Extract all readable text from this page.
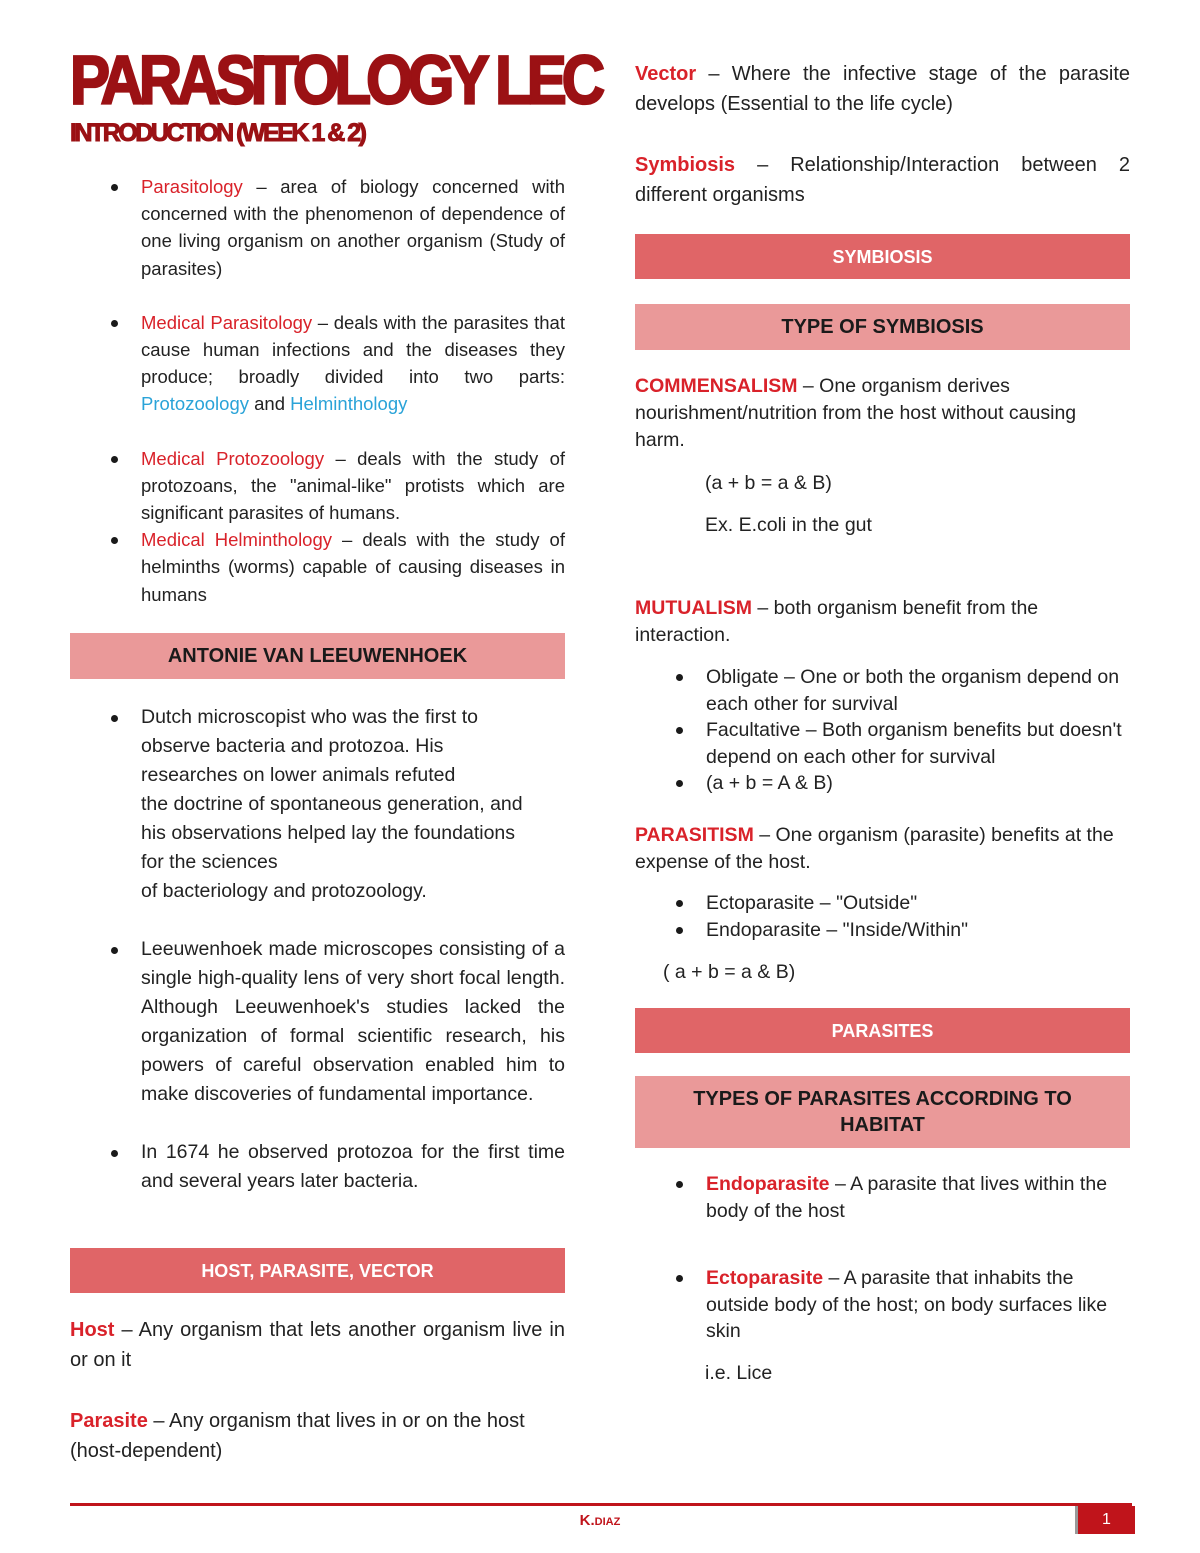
PARASITOLOGY LEC
INTRODUCTION (WEEK 1 & 2)
Parasitology – area of biology concerned with concerned with the phenomenon of dependence of one living organism on another organism (Study of parasites)
Medical Parasitology – deals with the parasites that cause human infections and the diseases they produce; broadly divided into two parts: Protozoology and Helminthology
Medical Protozoology – deals with the study of protozoans, the "animal-like" protists which are significant parasites of humans.
Medical Helminthology – deals with the study of helminths (worms) capable of causing diseases in humans
ANTONIE VAN LEEUWENHOEK
Dutch microscopist who was the first to
observe bacteria and protozoa. His
researches on lower animals refuted
the doctrine of spontaneous generation, and
his observations helped lay the foundations
for the sciences
of bacteriology and protozoology.
Leeuwenhoek made microscopes consisting of a single high-quality lens of very short focal length. Although Leeuwenhoek's studies lacked the organization of formal scientific research, his powers of careful observation enabled him to make discoveries of fundamental importance.
In 1674 he observed protozoa for the first time and several years later bacteria.
HOST, PARASITE, VECTOR

Host – Any organism that lets another organism live in or on it

Parasite – Any organism that lives in or on the host (host-dependent)

Vector – Where the infective stage of the parasite develops (Essential to the life cycle)

Symbiosis – Relationship/Interaction between 2 different organisms

SYMBIOSIS
TYPE OF SYMBIOSIS

COMMENSALISM – One organism derives nourishment/nutrition from the host without causing harm.

(a + b = a & B)

Ex. E.coli in the gut

MUTUALISM – both organism benefit from the interaction.

Obligate – One or both the organism depend on each other for survival
Facultative – Both organism benefits but doesn't depend on each other for survival
(a + b = A & B)

PARASITISM – One organism (parasite) benefits at the expense of the host.

Ectoparasite – "Outside"
Endoparasite – "Inside/Within"

( a + b = a & B)

PARASITES
TYPES OF PARASITES ACCORDING TO HABITAT
Endoparasite – A parasite that lives within the body of the host
Ectoparasite – A parasite that inhabits the outside body of the host; on body surfaces like skin

i.e. Lice

K.DIAZ	1
